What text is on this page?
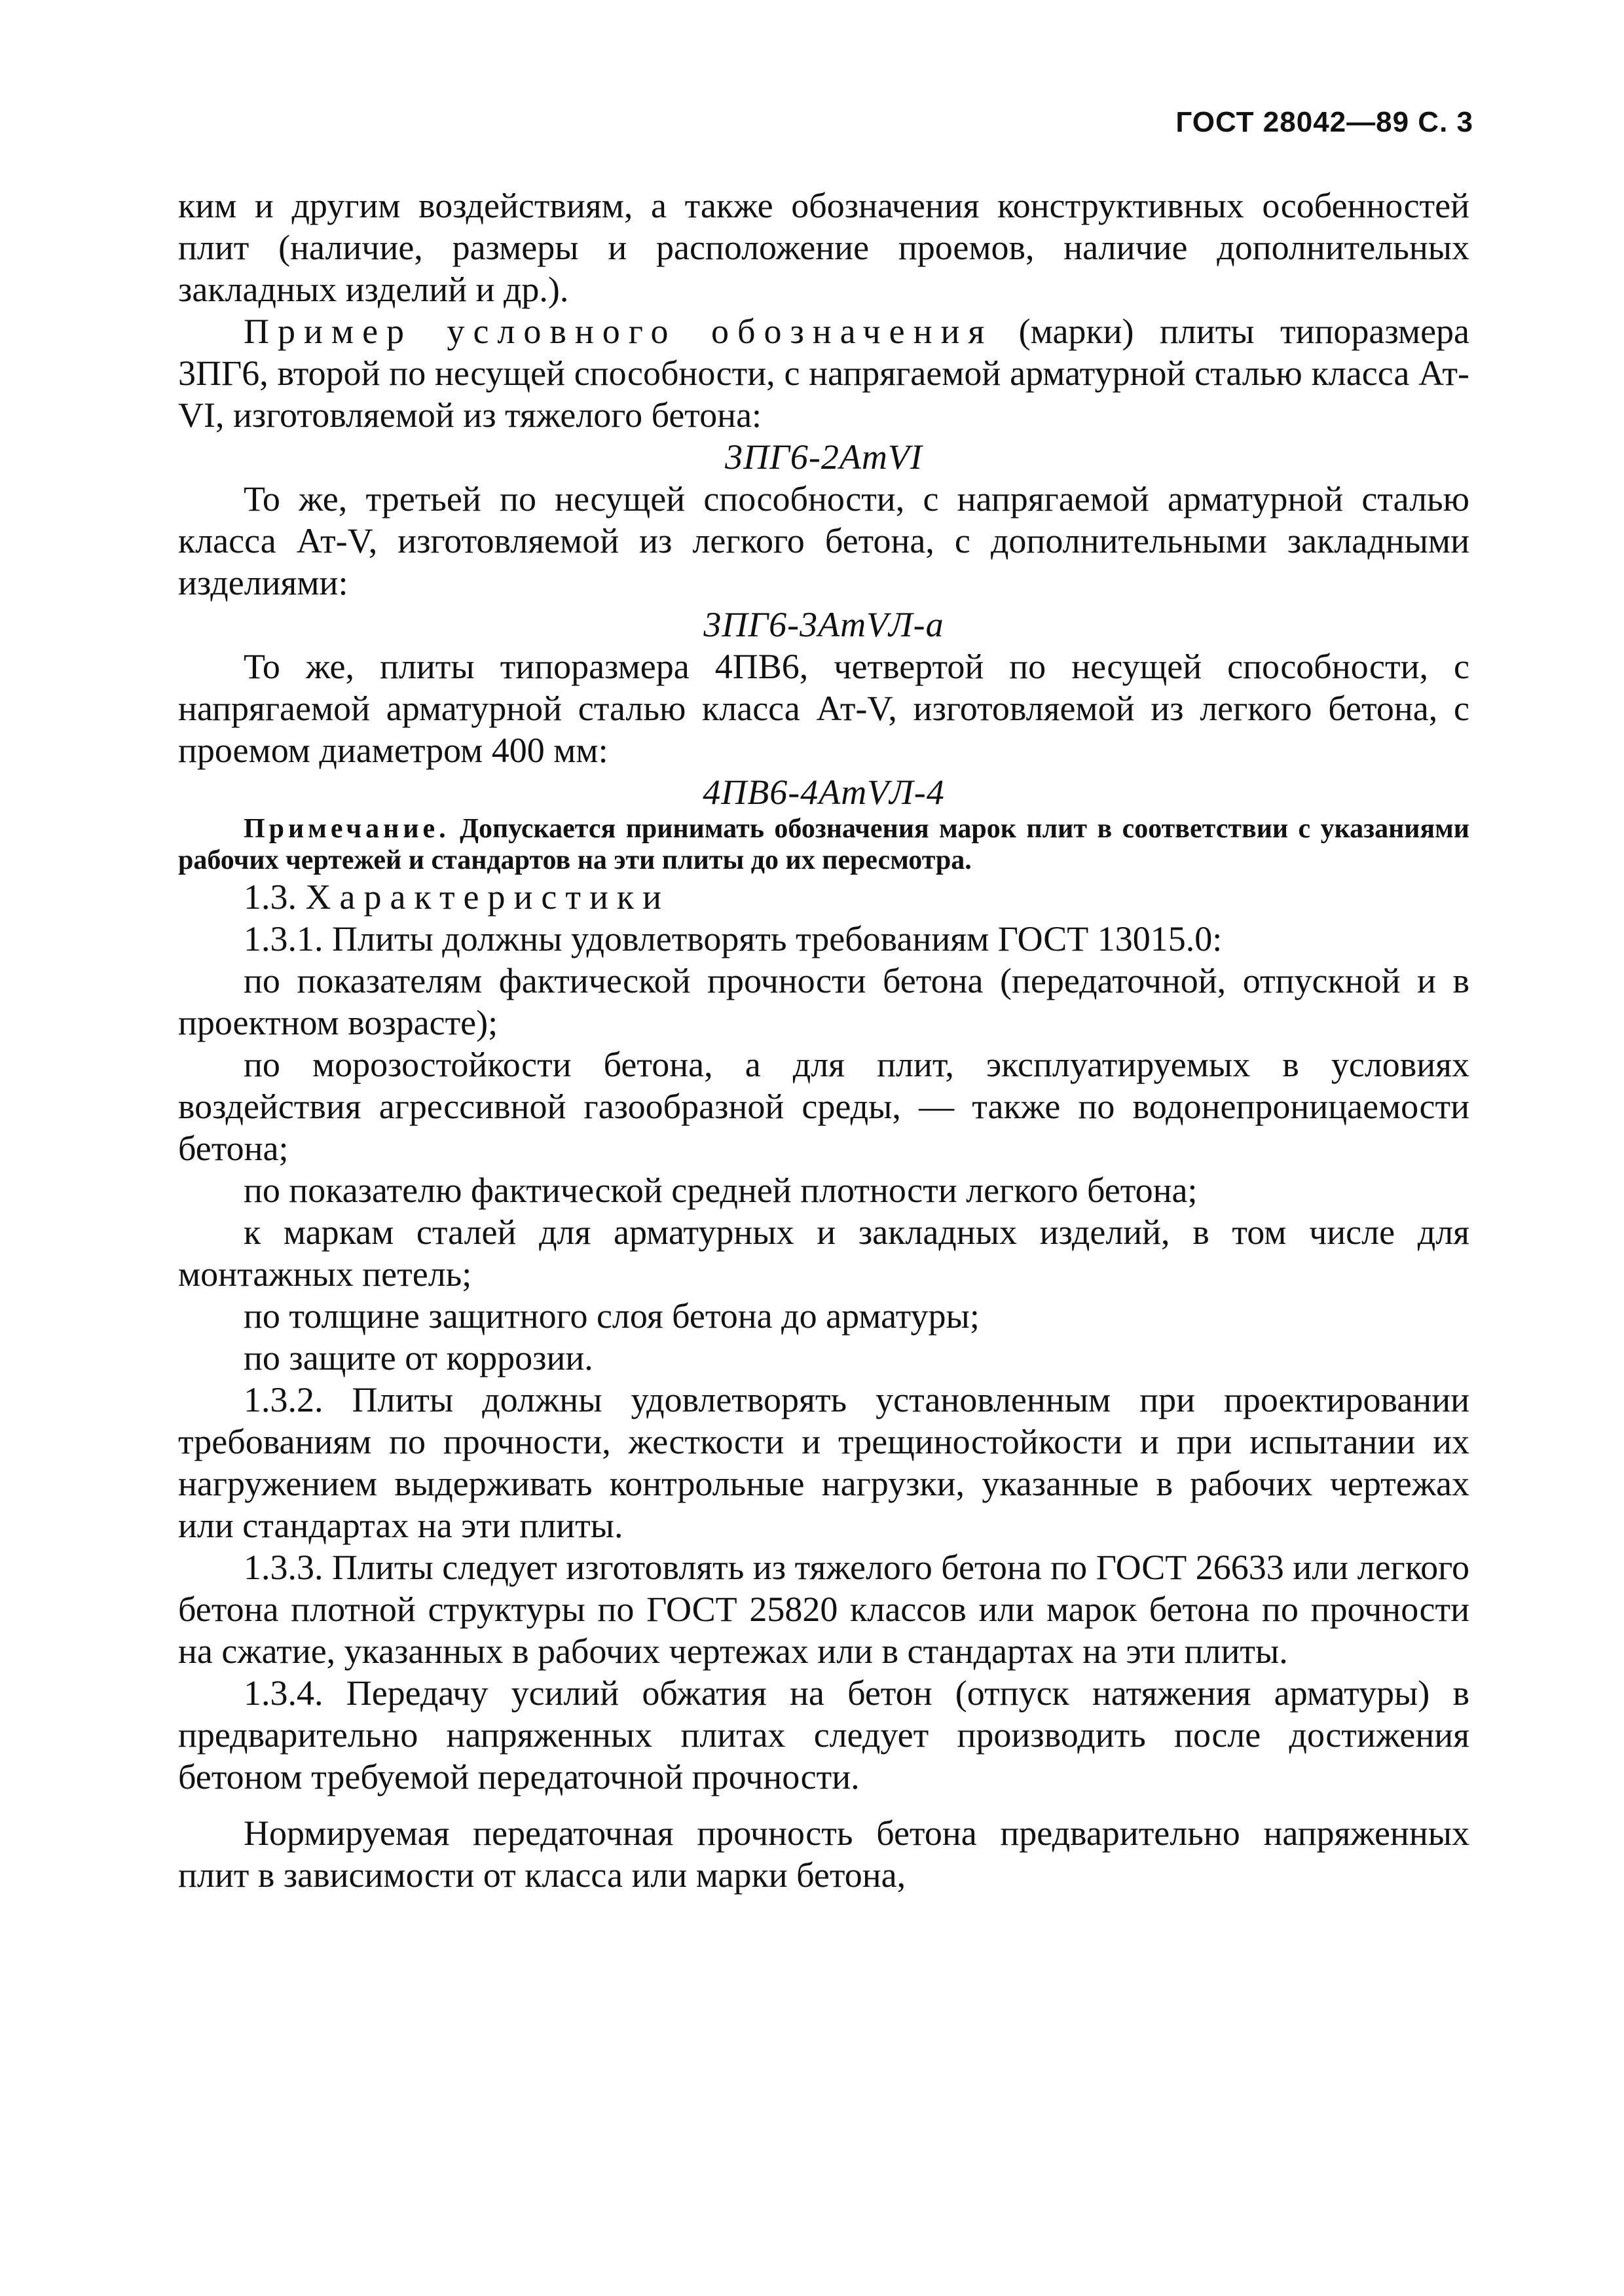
ГОСТ 28042—89 С. 3

ким и другим воздействиям, а также обозначения конструктивных особенностей плит (наличие, размеры и расположение проемов, наличие дополнительных закладных изделий и др.).

Пример условного обозначения (марки) плиты типоразмера 3ПГ6, второй по несущей способности, с напрягаемой арматурной сталью класса Ат-VI, изготовляемой из тяжелого бетона:

3ПГ6-2АтVI

То же, третьей по несущей способности, с напрягаемой арматурной сталью класса Ат-V, изготовляемой из легкого бетона, с дополнительными закладными изделиями:

3ПГ6-3АтVЛ-а

То же, плиты типоразмера 4ПВ6, четвертой по несущей способности, с напрягаемой арматурной сталью класса Ат-V, изготовляемой из легкого бетона, с проемом диаметром 400 мм:

4ПВ6-4АтVЛ-4

Примечание. Допускается принимать обозначения марок плит в соответствии с указаниями рабочих чертежей и стандартов на эти плиты до их пересмотра.

1.3. Характеристики

1.3.1. Плиты должны удовлетворять требованиям ГОСТ 13015.0:

по показателям фактической прочности бетона (передаточной, отпускной и в проектном возрасте);

по морозостойкости бетона, а для плит, эксплуатируемых в условиях воздействия агрессивной газообразной среды, — также по водонепроницаемости бетона;

по показателю фактической средней плотности легкого бетона;

к маркам сталей для арматурных и закладных изделий, в том числе для монтажных петель;

по толщине защитного слоя бетона до арматуры;

по защите от коррозии.

1.3.2. Плиты должны удовлетворять установленным при проектировании требованиям по прочности, жесткости и трещиностойкости и при испытании их нагружением выдерживать контрольные нагрузки, указанные в рабочих чертежах или стандартах на эти плиты.

1.3.3. Плиты следует изготовлять из тяжелого бетона по ГОСТ 26633 или легкого бетона плотной структуры по ГОСТ 25820 классов или марок бетона по прочности на сжатие, указанных в рабочих чертежах или в стандартах на эти плиты.

1.3.4. Передачу усилий обжатия на бетон (отпуск натяжения арматуры) в предварительно напряженных плитах следует производить после достижения бетоном требуемой передаточной прочности.

Нормируемая передаточная прочность бетона предварительно напряженных плит в зависимости от класса или марки бетона,
